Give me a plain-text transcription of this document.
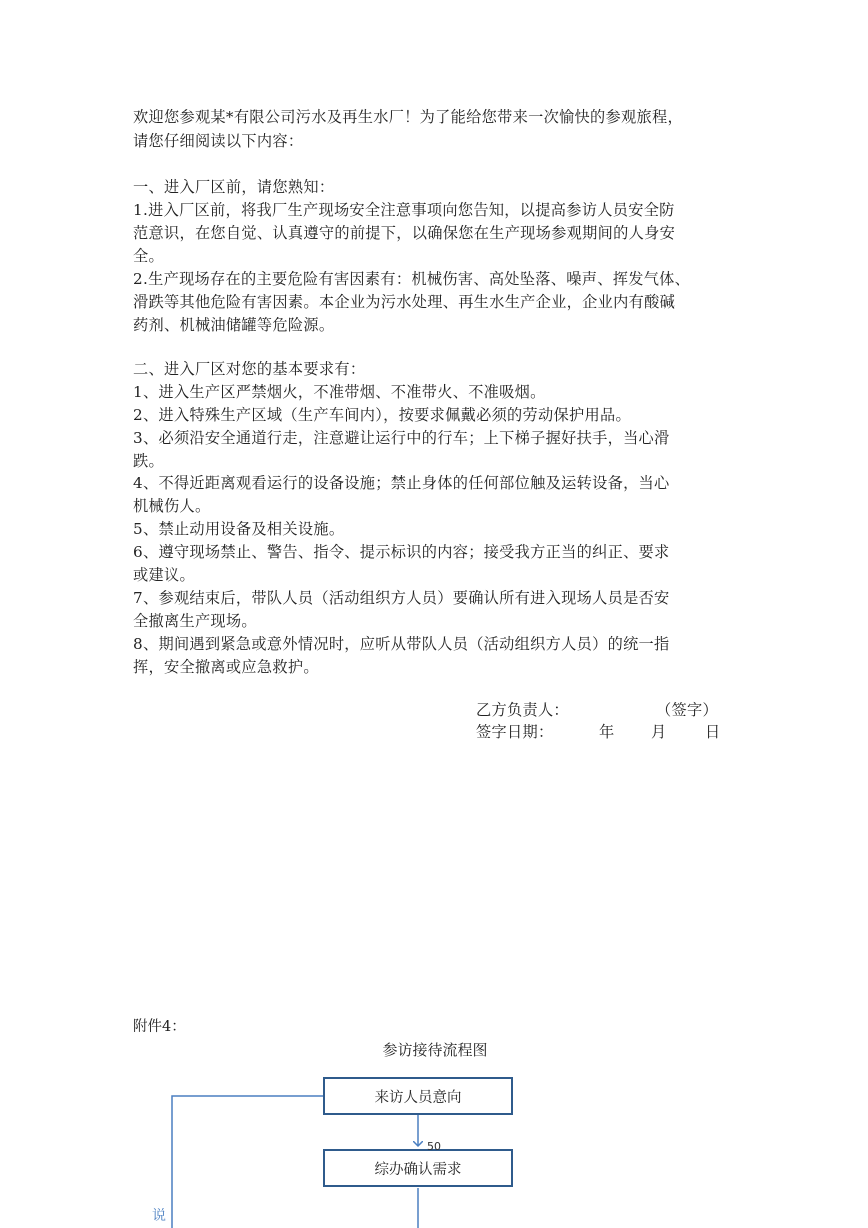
欢迎您参观某*有限公司污水及再生水厂！为了能给您带来一次愉快的参观旅程，
请您仔细阅读以下内容：
一、进入厂区前，请您熟知：
1.进入厂区前，将我厂生产现场安全注意事项向您告知，以提高参访人员安全防
范意识，在您自觉、认真遵守的前提下，以确保您在生产现场参观期间的人身安
全。
2.生产现场存在的主要危险有害因素有：机械伤害、高处坠落、噪声、挥发气体、
滑跌等其他危险有害因素。本企业为污水处理、再生水生产企业，企业内有酸碱
药剂、机械油储罐等危险源。
二、进入厂区对您的基本要求有：
1、进入生产区严禁烟火，不准带烟、不准带火、不准吸烟。
2、进入特殊生产区域（生产车间内），按要求佩戴必须的劳动保护用品。
3、必须沿安全通道行走，注意避让运行中的行车；上下梯子握好扶手，当心滑
跌。
4、不得近距离观看运行的设备设施；禁止身体的任何部位触及运转设备，当心
机械伤人。
5、禁止动用设备及相关设施。
6、遵守现场禁止、警告、指令、提示标识的内容；接受我方正当的纠正、要求
或建议。
7、参观结束后，带队人员（活动组织方人员）要确认所有进入现场人员是否安
全撤离生产现场。
8、期间遇到紧急或意外情况时，应听从带队人员（活动组织方人员）的统一指
挥，安全撤离或应急救护。
乙方负责人：	（签字）
签字日期：	年 月	日
附件4：
参访接待流程图
来访人员意向
综办确认需求
50
说
